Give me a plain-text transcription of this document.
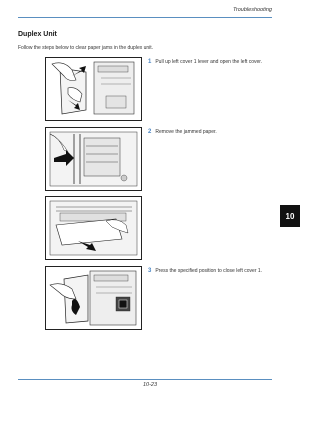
Troubleshooting
Duplex Unit
Follow the steps below to clear paper jams in the duplex unit.
1 Pull up left cover 1 lever and open the left cover.
2 Remove the jammed paper.
3 Press the specified position to close left cover 1.
10
10-23
